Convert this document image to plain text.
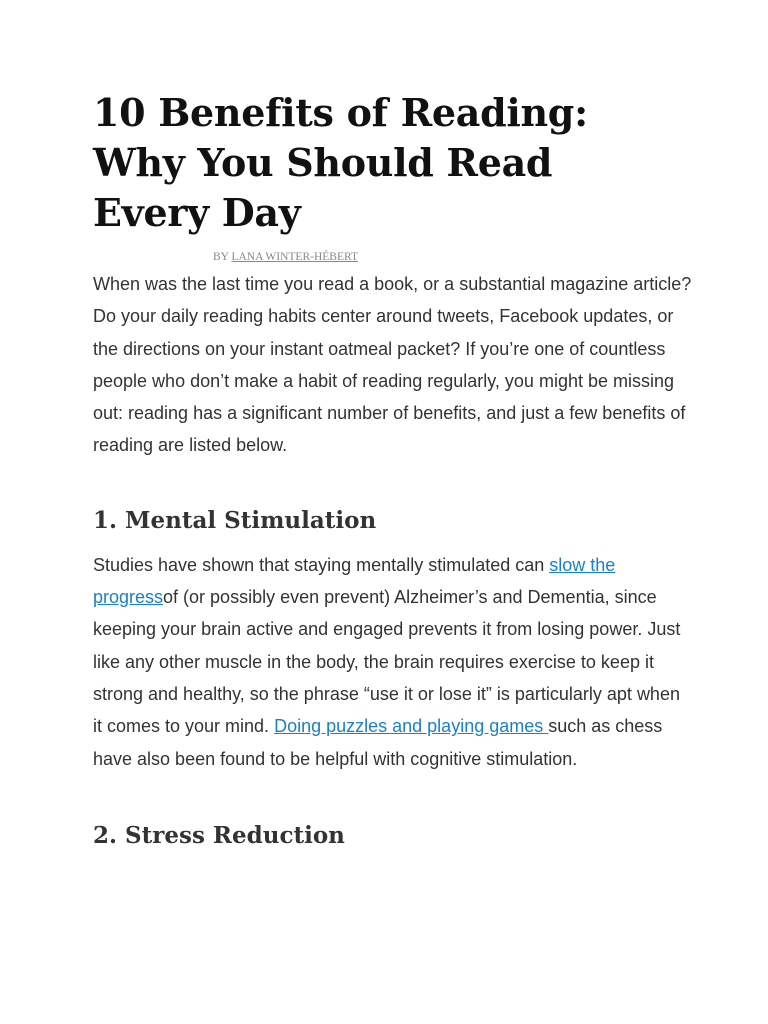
10 Benefits of Reading:
Why You Should Read
Every Day
BY LANA WINTER-HÉBERT

When was the last time you read a book, or a substantial magazine article? Do your daily reading habits center around tweets, Facebook updates, or the directions on your instant oatmeal packet? If you’re one of countless people who don’t make a habit of reading regularly, you might be missing out: reading has a significant number of benefits, and just a few benefits of reading are listed below.

1. Mental Stimulation

Studies have shown that staying mentally stimulated can slow the progressof (or possibly even prevent) Alzheimer’s and Dementia, since keeping your brain active and engaged prevents it from losing power. Just like any other muscle in the body, the brain requires exercise to keep it strong and healthy, so the phrase “use it or lose it” is particularly apt when it comes to your mind. Doing puzzles and playing games such as chess have also been found to be helpful with cognitive stimulation.

2. Stress Reduction
